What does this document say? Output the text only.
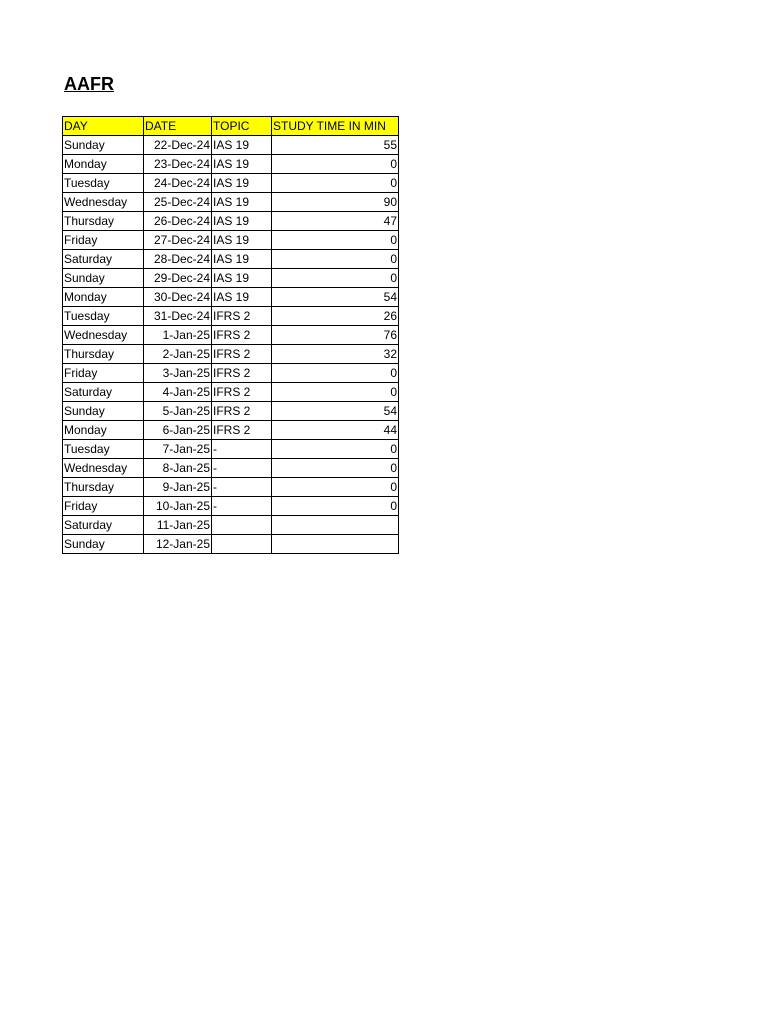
AAFR
DAY	DATE	TOPIC	STUDY TIME IN MIN
Sunday	22-Dec-24	IAS 19	55
Monday	23-Dec-24	IAS 19	0
Tuesday	24-Dec-24	IAS 19	0
Wednesday	25-Dec-24	IAS 19	90
Thursday	26-Dec-24	IAS 19	47
Friday	27-Dec-24	IAS 19	0
Saturday	28-Dec-24	IAS 19	0
Sunday	29-Dec-24	IAS 19	0
Monday	30-Dec-24	IAS 19	54
Tuesday	31-Dec-24	IFRS 2	26
Wednesday	1-Jan-25	IFRS 2	76
Thursday	2-Jan-25	IFRS 2	32
Friday	3-Jan-25	IFRS 2	0
Saturday	4-Jan-25	IFRS 2	0
Sunday	5-Jan-25	IFRS 2	54
Monday	6-Jan-25	IFRS 2	44
Tuesday	7-Jan-25	-	0
Wednesday	8-Jan-25	-	0
Thursday	9-Jan-25	-	0
Friday	10-Jan-25	-	0
Saturday	11-Jan-25		
Sunday	12-Jan-25		
